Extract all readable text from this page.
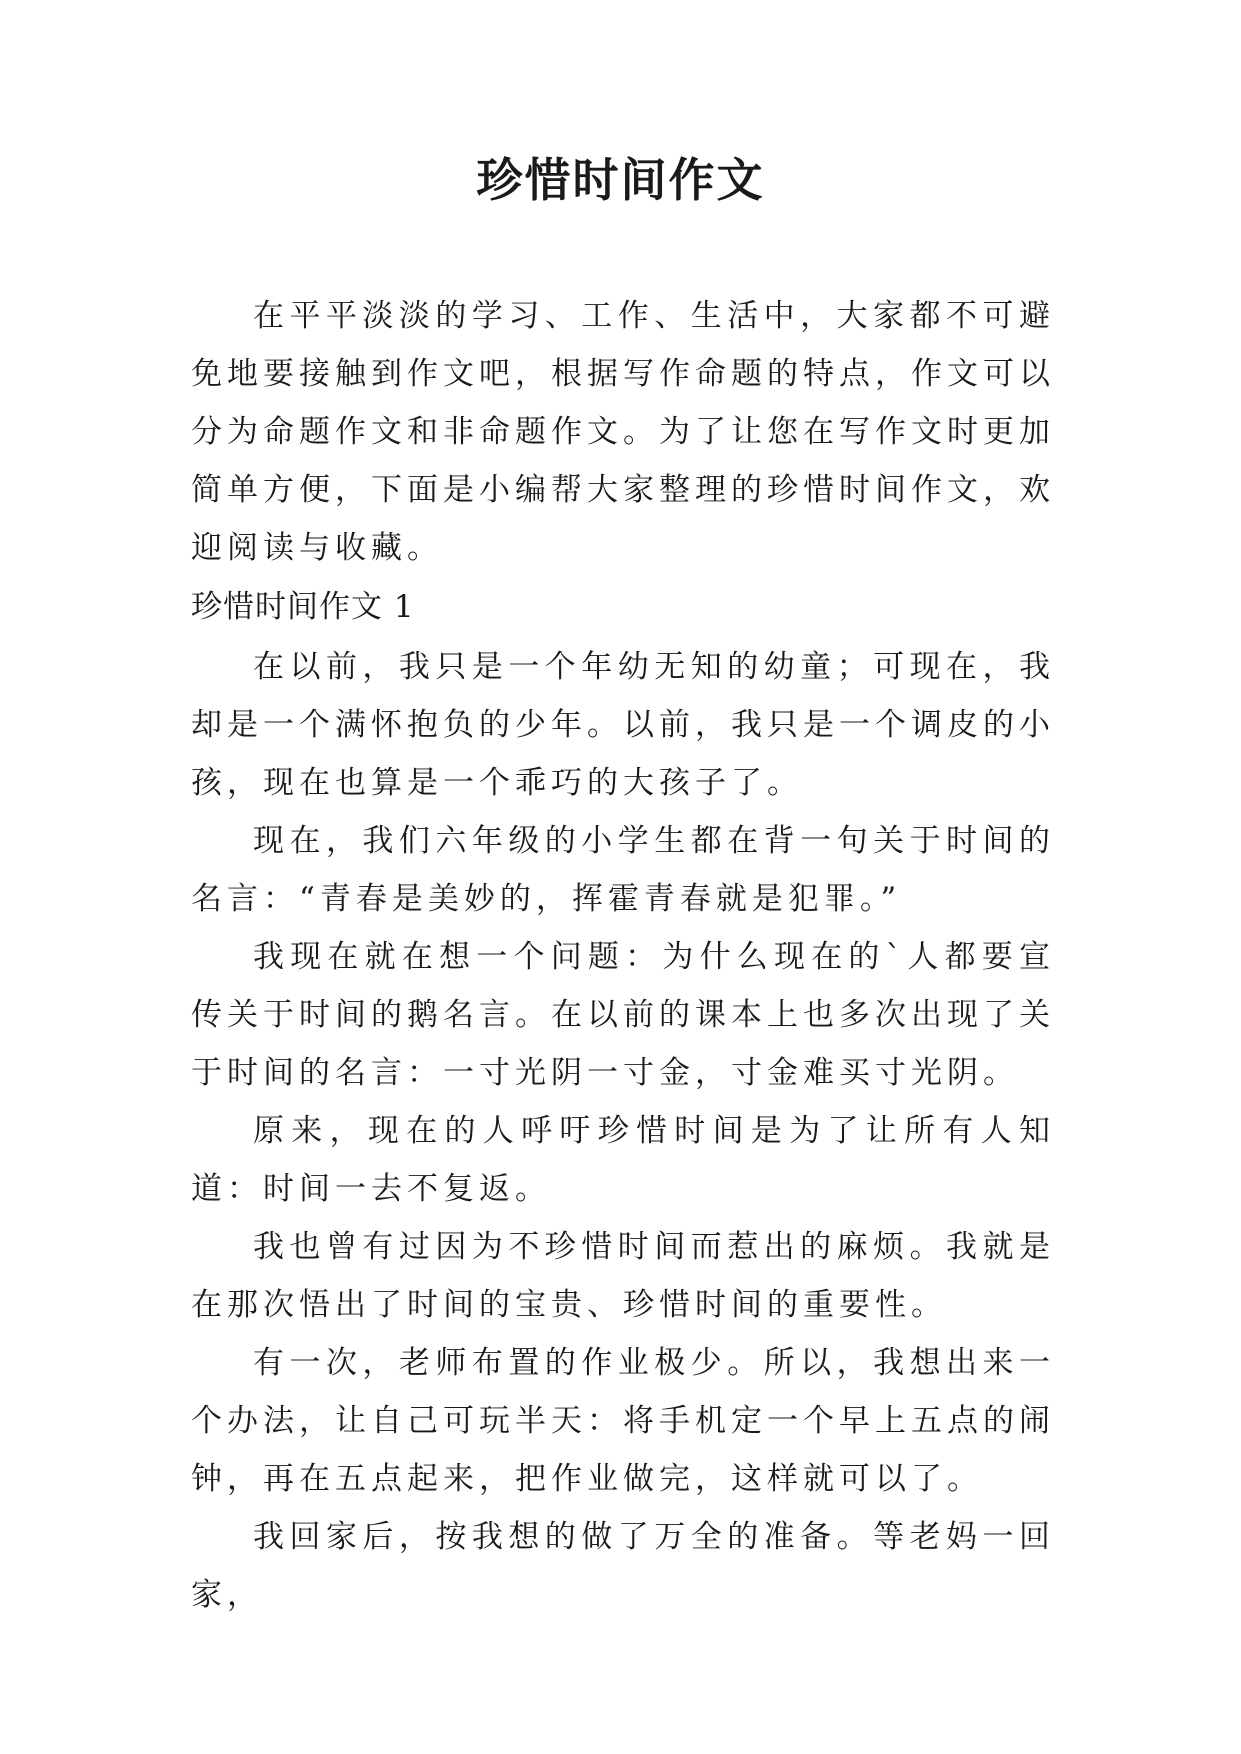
珍惜时间作文

在平平淡淡的学习、工作、生活中，大家都不可避免地要接触到作文吧，根据写作命题的特点，作文可以分为命题作文和非命题作文。为了让您在写作文时更加简单方便，下面是小编帮大家整理的珍惜时间作文，欢迎阅读与收藏。

珍惜时间作文 1

在以前，我只是一个年幼无知的幼童；可现在，我却是一个满怀抱负的少年。以前，我只是一个调皮的小孩，现在也算是一个乖巧的大孩子了。

现在，我们六年级的小学生都在背一句关于时间的名言：“青春是美妙的，挥霍青春就是犯罪。”

我现在就在想一个问题：为什么现在的`人都要宣传关于时间的鹅名言。在以前的课本上也多次出现了关于时间的名言：一寸光阴一寸金，寸金难买寸光阴。

原来，现在的人呼吁珍惜时间是为了让所有人知道：时间一去不复返。

我也曾有过因为不珍惜时间而惹出的麻烦。我就是在那次悟出了时间的宝贵、珍惜时间的重要性。

有一次，老师布置的作业极少。所以，我想出来一个办法，让自己可玩半天：将手机定一个早上五点的闹钟，再在五点起来，把作业做完，这样就可以了。

我回家后，按我想的做了万全的准备。等老妈一回家，
